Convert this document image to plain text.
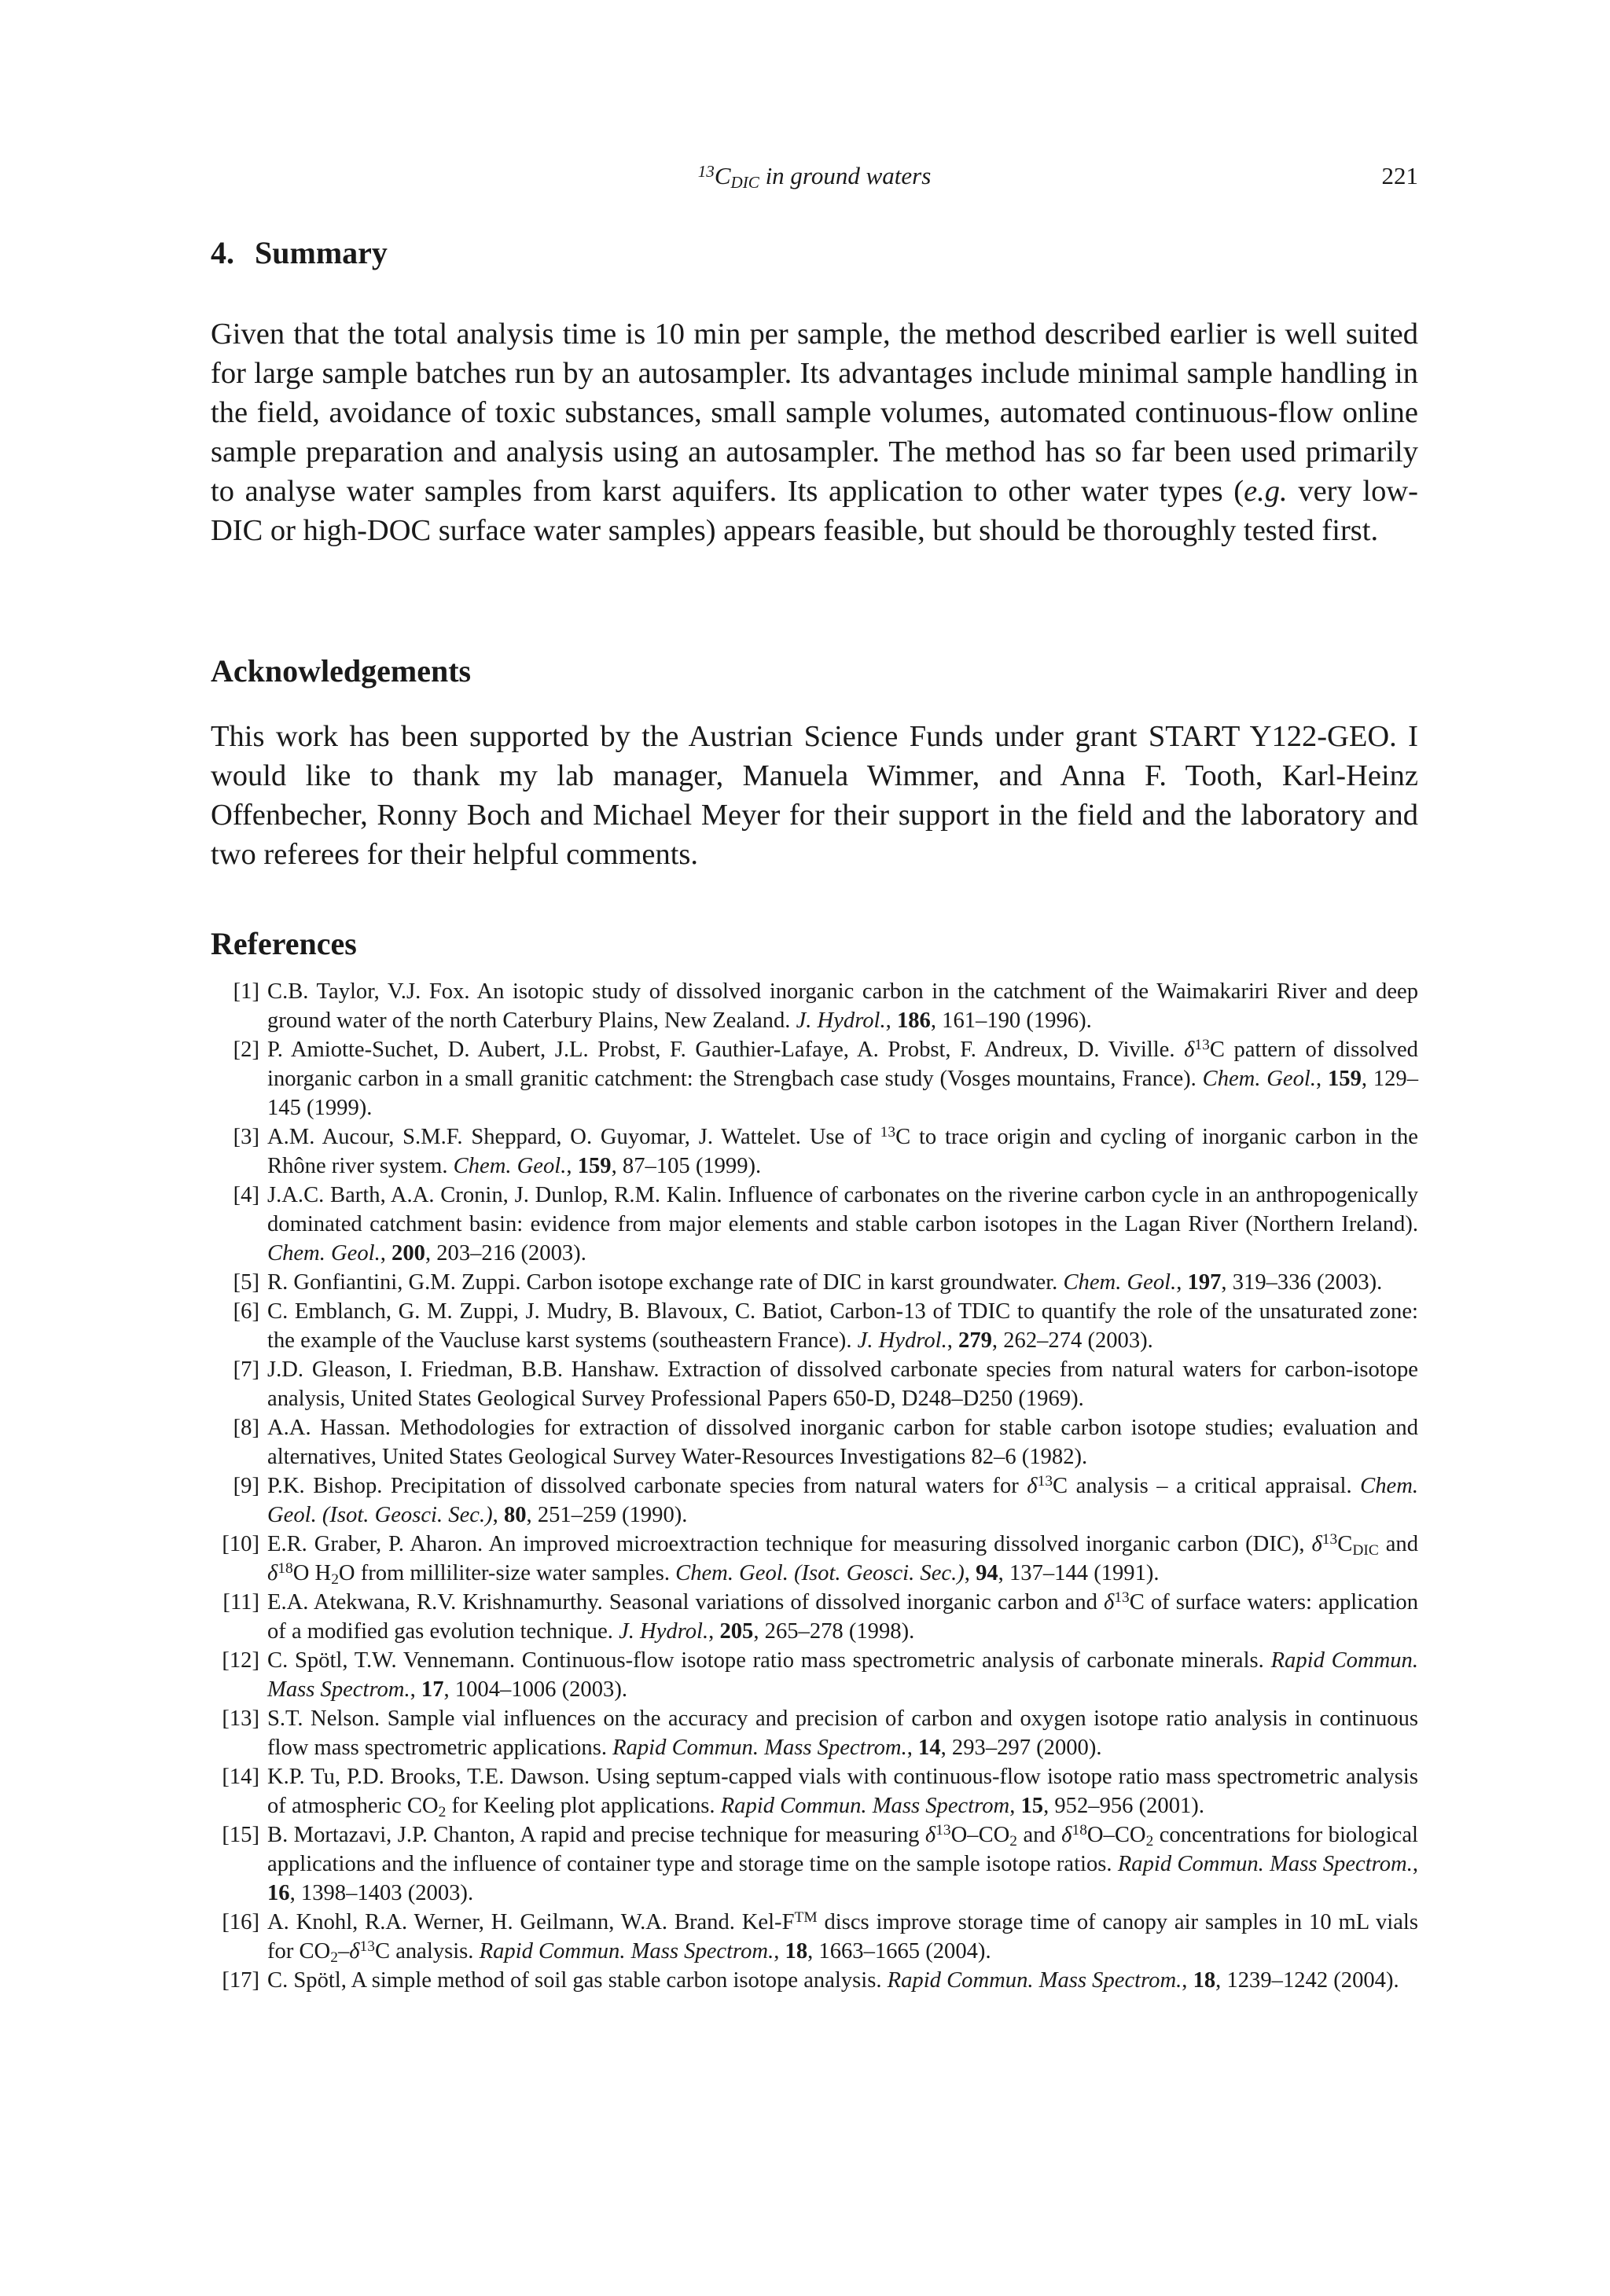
$^{13}C_{DIC}$ in ground waters	221
4. Summary

Given that the total analysis time is 10 min per sample, the method described earlier is well suited for large sample batches run by an autosampler. Its advantages include minimal sample handling in the field, avoidance of toxic substances, small sample volumes, automated continuous-flow online sample preparation and analysis using an autosampler. The method has so far been used primarily to analyse water samples from karst aquifers. Its application to other water types (e.g. very low-DIC or high-DOC surface water samples) appears feasible, but should be thoroughly tested first.

Acknowledgements

This work has been supported by the Austrian Science Funds under grant START Y122-GEO. I would like to thank my lab manager, Manuela Wimmer, and Anna F. Tooth, Karl-Heinz Offenbecher, Ronny Boch and Michael Meyer for their support in the field and the laboratory and two referees for their helpful comments.

References
[1] C.B. Taylor, V.J. Fox. An isotopic study of dissolved inorganic carbon in the catchment of the Waimakariri River and deep ground water of the north Caterbury Plains, New Zealand. J. Hydrol., 186, 161–190 (1996).
[2] P. Amiotte-Suchet, D. Aubert, J.L. Probst, F. Gauthier-Lafaye, A. Probst, F. Andreux, D. Viville. $\delta^{13}C$ pattern of dissolved inorganic carbon in a small granitic catchment: the Strengbach case study (Vosges mountains, France). Chem. Geol., 159, 129–145 (1999).
[3] A.M. Aucour, S.M.F. Sheppard, O. Guyomar, J. Wattelet. Use of $^{13}$C to trace origin and cycling of inorganic carbon in the Rhône river system. Chem. Geol., 159, 87–105 (1999).
[4] J.A.C. Barth, A.A. Cronin, J. Dunlop, R.M. Kalin. Influence of carbonates on the riverine carbon cycle in an anthropogenically dominated catchment basin: evidence from major elements and stable carbon isotopes in the Lagan River (Northern Ireland). Chem. Geol., 200, 203–216 (2003).
[5] R. Gonfiantini, G.M. Zuppi. Carbon isotope exchange rate of DIC in karst groundwater. Chem. Geol., 197, 319–336 (2003).
[6] C. Emblanch, G. M. Zuppi, J. Mudry, B. Blavoux, C. Batiot, Carbon-13 of TDIC to quantify the role of the unsaturated zone: the example of the Vaucluse karst systems (southeastern France). J. Hydrol., 279, 262–274 (2003).
[7] J.D. Gleason, I. Friedman, B.B. Hanshaw. Extraction of dissolved carbonate species from natural waters for carbon-isotope analysis, United States Geological Survey Professional Papers 650-D, D248–D250 (1969).
[8] A.A. Hassan. Methodologies for extraction of dissolved inorganic carbon for stable carbon isotope studies; evaluation and alternatives, United States Geological Survey Water-Resources Investigations 82–6 (1982).
[9] P.K. Bishop. Precipitation of dissolved carbonate species from natural waters for $\delta^{13}C$ analysis – a critical appraisal. Chem. Geol. (Isot. Geosci. Sec.), 80, 251–259 (1990).
[10] E.R. Graber, P. Aharon. An improved microextraction technique for measuring dissolved inorganic carbon (DIC), $\delta^{13}C_{DIC}$ and $\delta^{18}O$ $H_2O$ from milliliter-size water samples. Chem. Geol. (Isot. Geosci. Sec.), 94, 137–144 (1991).
[11] E.A. Atekwana, R.V. Krishnamurthy. Seasonal variations of dissolved inorganic carbon and $\delta^{13}C$ of surface waters: application of a modified gas evolution technique. J. Hydrol., 205, 265–278 (1998).
[12] C. Spötl, T.W. Vennemann. Continuous-flow isotope ratio mass spectrometric analysis of carbonate minerals. Rapid Commun. Mass Spectrom., 17, 1004–1006 (2003).
[13] S.T. Nelson. Sample vial influences on the accuracy and precision of carbon and oxygen isotope ratio analysis in continuous flow mass spectrometric applications. Rapid Commun. Mass Spectrom., 14, 293–297 (2000).
[14] K.P. Tu, P.D. Brooks, T.E. Dawson. Using septum-capped vials with continuous-flow isotope ratio mass spectrometric analysis of atmospheric $CO_2$ for Keeling plot applications. Rapid Commun. Mass Spectrom, 15, 952–956 (2001).
[15] B. Mortazavi, J.P. Chanton, A rapid and precise technique for measuring $\delta^{13}O-CO_2$ and $\delta^{18}O-CO_2$ concentrations for biological applications and the influence of container type and storage time on the sample isotope ratios. Rapid Commun. Mass Spectrom., 16, 1398–1403 (2003).
[16] A. Knohl, R.A. Werner, H. Geilmann, W.A. Brand. Kel-F™ discs improve storage time of canopy air samples in 10 mL vials for $CO_2-\delta^{13}C$ analysis. Rapid Commun. Mass Spectrom., 18, 1663–1665 (2004).
[17] C. Spötl, A simple method of soil gas stable carbon isotope analysis. Rapid Commun. Mass Spectrom., 18, 1239–1242 (2004).
